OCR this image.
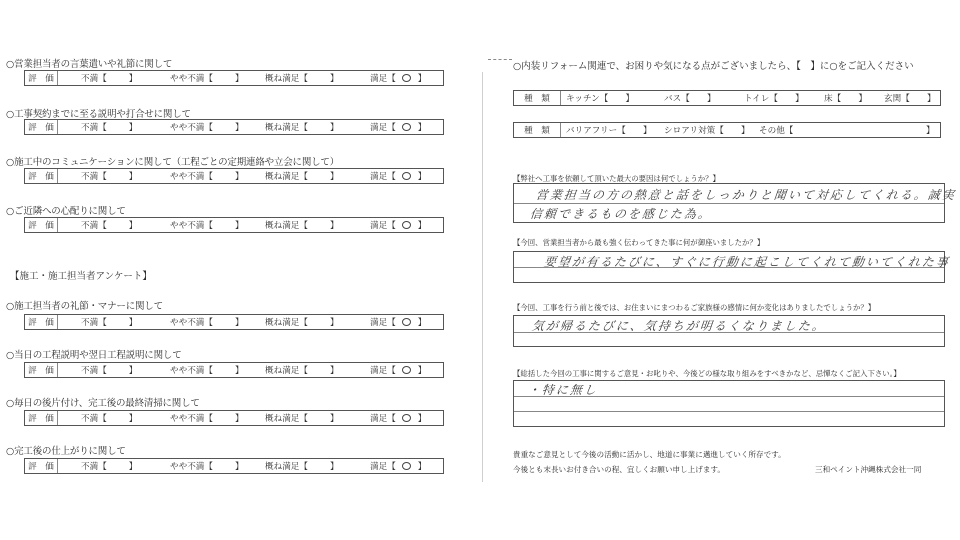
○営業担当者の言葉遣いや礼節に関して
評　価	不満【	】	やや不満【	】 概ね満足【	】	満足【	】
○工事契約までに至る説明や打合せに関して
評　価	不満【	】	やや不満【	】 概ね満足【	】	満足【	】
○施工中のコミュニケーションに関して（工程ごとの定期連絡や立会に関して）
評　価	不満【	】	やや不満【	】 概ね満足【	】	満足【	】
○ご近隣への心配りに関して
評　価	不満【	】	やや不満【	】 概ね満足【	】	満足【	】
【施工・施工担当者アンケート】
○施工担当者の礼節・マナーに関して
評　価	不満【	】	やや不満【	】 概ね満足【	】	満足【	】
○当日の工程説明や翌日工程説明に関して
評　価	不満【	】	やや不満【	】 概ね満足【	】	満足【	】
○毎日の後片付け、完工後の最終清掃に関して
評　価	不満【	】	やや不満【	】 概ね満足【	】	満足【	】
○完工後の仕上がりに関して
評　価	不満【	】	やや不満【	】 概ね満足【	】	満足【	】
○内装リフォーム関連で、お困りや気になる点がございましたら、【　】に○をご記入ください
種　類	キッチン【　　】	バス【　　】	トイレ【　　】 床【　　】 玄関【　　】
種　類	バリアフリー【　　】 シロアリ対策【　　】 その他【	】
【弊社へ工事を依頼して頂いた最大の要因は何でしょうか？】
営業担当の方の熱意と話をしっかりと聞いて対応してくれる。誠実
信頼できるものを感じた為。
【今回、営業担当者から最も強く伝わってきた事に何が御座いましたか？】
要望が有るたびに、すぐに行動に起こしてくれて動いてくれた事
【今回、工事を行う前と後では、お住まいにまつわるご家族様の感情に何か変化はありましたでしょうか？】
気が帰るたびに、気持ちが明るくなりました。
【総括した今回の工事に関するご意見・お叱りや、今後どの様な取り組みをすべきかなど、忌憚なくご記入下さい。】
・特に無し
貴重なご意見として今後の活動に活かし、地道に事業に邁進していく所存です。
今後とも末長いお付き合いの程、宜しくお願い申し上げます。	三和ペイント沖縄株式会社一同
